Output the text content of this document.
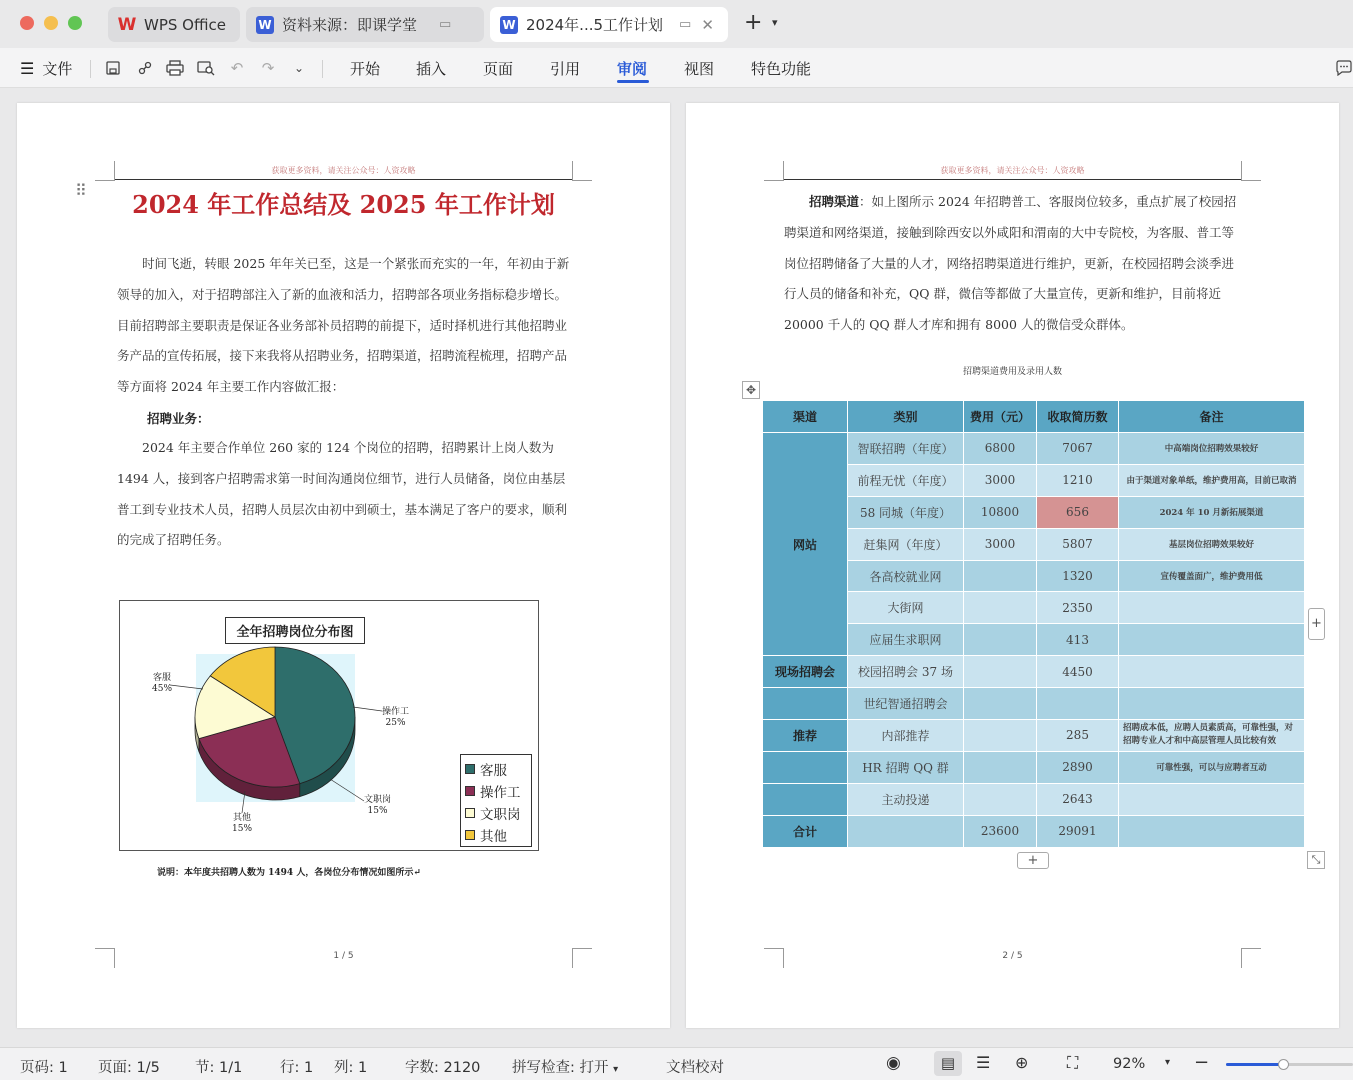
W WPS Office	W 资料来源：即课学堂 ▭	W 2024年...5工作计划 ▭ ✕ + ▾
☰ 文件	↶	↷	⌄	开始 插入 页面 引用 审阅 视图 特色功能
获取更多资料，请关注公众号：人资攻略
⠿	2024 年工作总结及 2025 年工作计划
时间飞逝，转眼 2025 年年关已至，这是一个紧张而充实的一年，年初由于新领导的加入，对于招聘部注入了新的血液和活力，招聘部各项业务指标稳步增长。目前招聘部主要职责是保证各业务部补员招聘的前提下，适时择机进行其他招聘业务产品的宣传拓展，接下来我将从招聘业务，招聘渠道，招聘流程梳理，招聘产品等方面将 2024 年主要工作内容做汇报：
招聘业务：
2024 年主要合作单位 260 家的 124 个岗位的招聘，招聘累计上岗人数为 1494 人，接到客户招聘需求第一时间沟通岗位细节，进行人员储备，岗位由基层普工到专业技术人员，招聘人员层次由初中到硕士，基本满足了客户的要求，顺利的完成了招聘任务。
全年招聘岗位分布图
客服
45%
操作工
25%
文职岗
15%
其他
15%
客服
操作工
文职岗
其他
说明：本年度共招聘人数为 1494 人，各岗位分布情况如图所示↵
1 / 5
获取更多资料，请关注公众号：人资攻略
招聘渠道：如上图所示 2024 年招聘普工、客服岗位较多，重点扩展了校园招聘渠道和网络渠道，接触到除西安以外咸阳和渭南的大中专院校，为客服、普工等岗位招聘储备了大量的人才，网络招聘渠道进行维护，更新，在校园招聘会淡季进行人员的储备和补充，QQ 群，微信等都做了大量宣传，更新和维护，目前将近 20000 千人的 QQ 群人才库和拥有 8000 人的微信受众群体。
招聘渠道费用及录用人数
✥
渠道	类别	费用（元）	收取简历数	备注
网站	智联招聘（年度）	6800	7067	中高端岗位招聘效果较好
	前程无忧（年度）	3000	1210	由于渠道对象单纸，维护费用高，目前已取消
	58 同城（年度）	10800	656	2024 年 10 月新拓展渠道
	赶集网（年度）	3000	5807	基层岗位招聘效果较好
	各高校就业网		1320	宣传覆盖面广，维护费用低
	大街网		2350	
	应届生求职网		413	
现场招聘会	校园招聘会 37 场		4450	
	世纪智通招聘会			
推荐	内部推荐		285	招聘成本低，应聘人员素质高，可靠性强，对招聘专业人才和中高层管理人员比较有效
	HR 招聘 QQ 群		2890	可靠性强，可以与应聘者互动
	主动投递		2643	
合计		23600	29091	
+
+	⤡
2 / 5
页码: 1 页面: 1/5 节: 1/1	行: 1 列: 1	字数: 2120 拼写检查: 打开 ▾	文档校对	◉	▤	☰ ⊕ ⛶ 92% ▾ −
